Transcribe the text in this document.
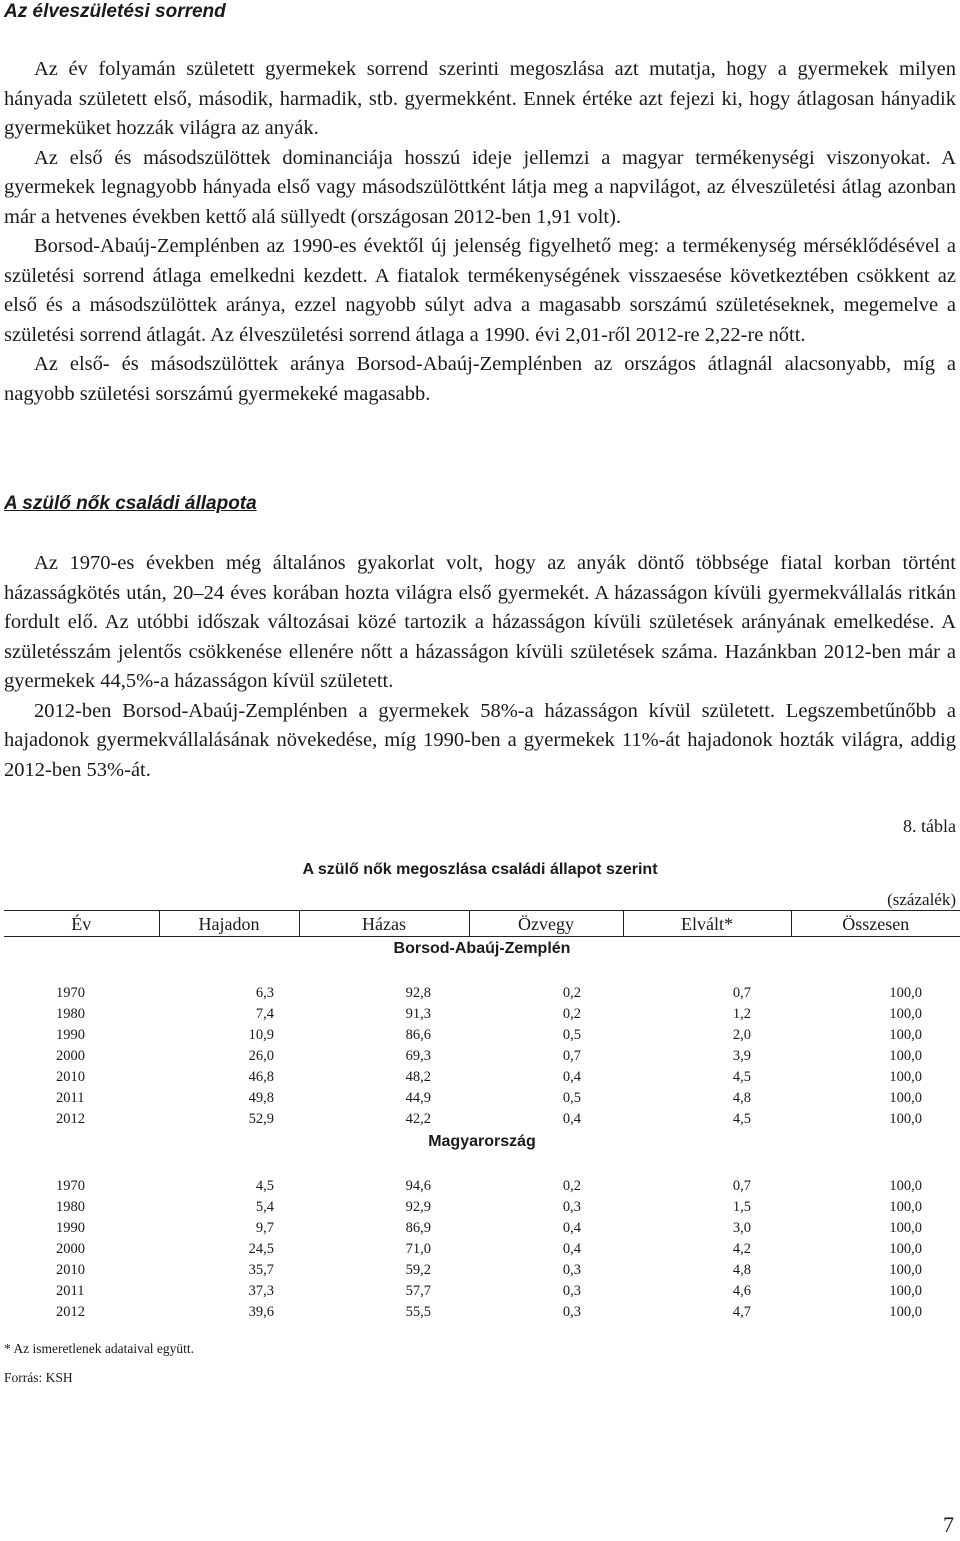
Az élveszületési sorrend

Az év folyamán született gyermekek sorrend szerinti megoszlása azt mutatja, hogy a gyermekek milyen hányada született első, második, harmadik, stb. gyermekként. Ennek értéke azt fejezi ki, hogy átlagosan hányadik gyermeküket hozzák világra az anyák.

Az első és másodszülöttek dominanciája hosszú ideje jellemzi a magyar termékenységi viszonyokat. A gyermekek legnagyobb hányada első vagy másodszülöttként látja meg a napvilágot, az élveszületési átlag azonban már a hetvenes években kettő alá süllyedt (országosan 2012-ben 1,91 volt).

Borsod-Abaúj-Zemplénben az 1990-es évektől új jelenség figyelhető meg: a termékenység mérséklődésével a születési sorrend átlaga emelkedni kezdett. A fiatalok termékenységének visszaesése következtében csökkent az első és a másodszülöttek aránya, ezzel nagyobb súlyt adva a magasabb sorszámú születéseknek, megemelve a születési sorrend átlagát. Az élveszületési sorrend átlaga a 1990. évi 2,01-ről 2012-re 2,22-re nőtt.

Az első- és másodszülöttek aránya Borsod-Abaúj-Zemplénben az országos átlagnál alacsonyabb, míg a nagyobb születési sorszámú gyermekeké magasabb.

A szülő nők családi állapota

Az 1970-es években még általános gyakorlat volt, hogy az anyák döntő többsége fiatal korban történt házasságkötés után, 20–24 éves korában hozta világra első gyermekét. A házasságon kívüli gyermekvállalás ritkán fordult elő. Az utóbbi időszak változásai közé tartozik a házasságon kívüli születések arányának emelkedése. A születésszám jelentős csökkenése ellenére nőtt a házasságon kívüli születések száma. Hazánkban 2012-ben már a gyermekek 44,5%-a házasságon kívül született.

2012-ben Borsod-Abaúj-Zemplénben a gyermekek 58%-a házasságon kívül született. Legszembetűnőbb a hajadonok gyermekvállalásának növekedése, míg 1990-ben a gyermekek 11%-át hajadonok hozták világra, addig 2012-ben 53%-át.

8. tábla
A szülő nők megoszlása családi állapot szerint
(százalék)
Év	Hajadon	Házas	Özvegy	Elvált*	Összesen
Borsod-Abaúj-Zemplén					

1970	6,3	92,8	0,2	0,7	100,0
1980	7,4	91,3	0,2	1,2	100,0
1990	10,9	86,6	0,5	2,0	100,0
2000	26,0	69,3	0,7	3,9	100,0
2010	46,8	48,2	0,4	4,5	100,0
2011	49,8	44,9	0,5	4,8	100,0
2012	52,9	42,2	0,4	4,5	100,0
Magyarország					

1970	4,5	94,6	0,2	0,7	100,0
1980	5,4	92,9	0,3	1,5	100,0
1990	9,7	86,9	0,4	3,0	100,0
2000	24,5	71,0	0,4	4,2	100,0
2010	35,7	59,2	0,3	4,8	100,0
2011	37,3	57,7	0,3	4,6	100,0
2012	39,6	55,5	0,3	4,7	100,0
* Az ismeretlenek adataival együtt.
Forrás: KSH
7
